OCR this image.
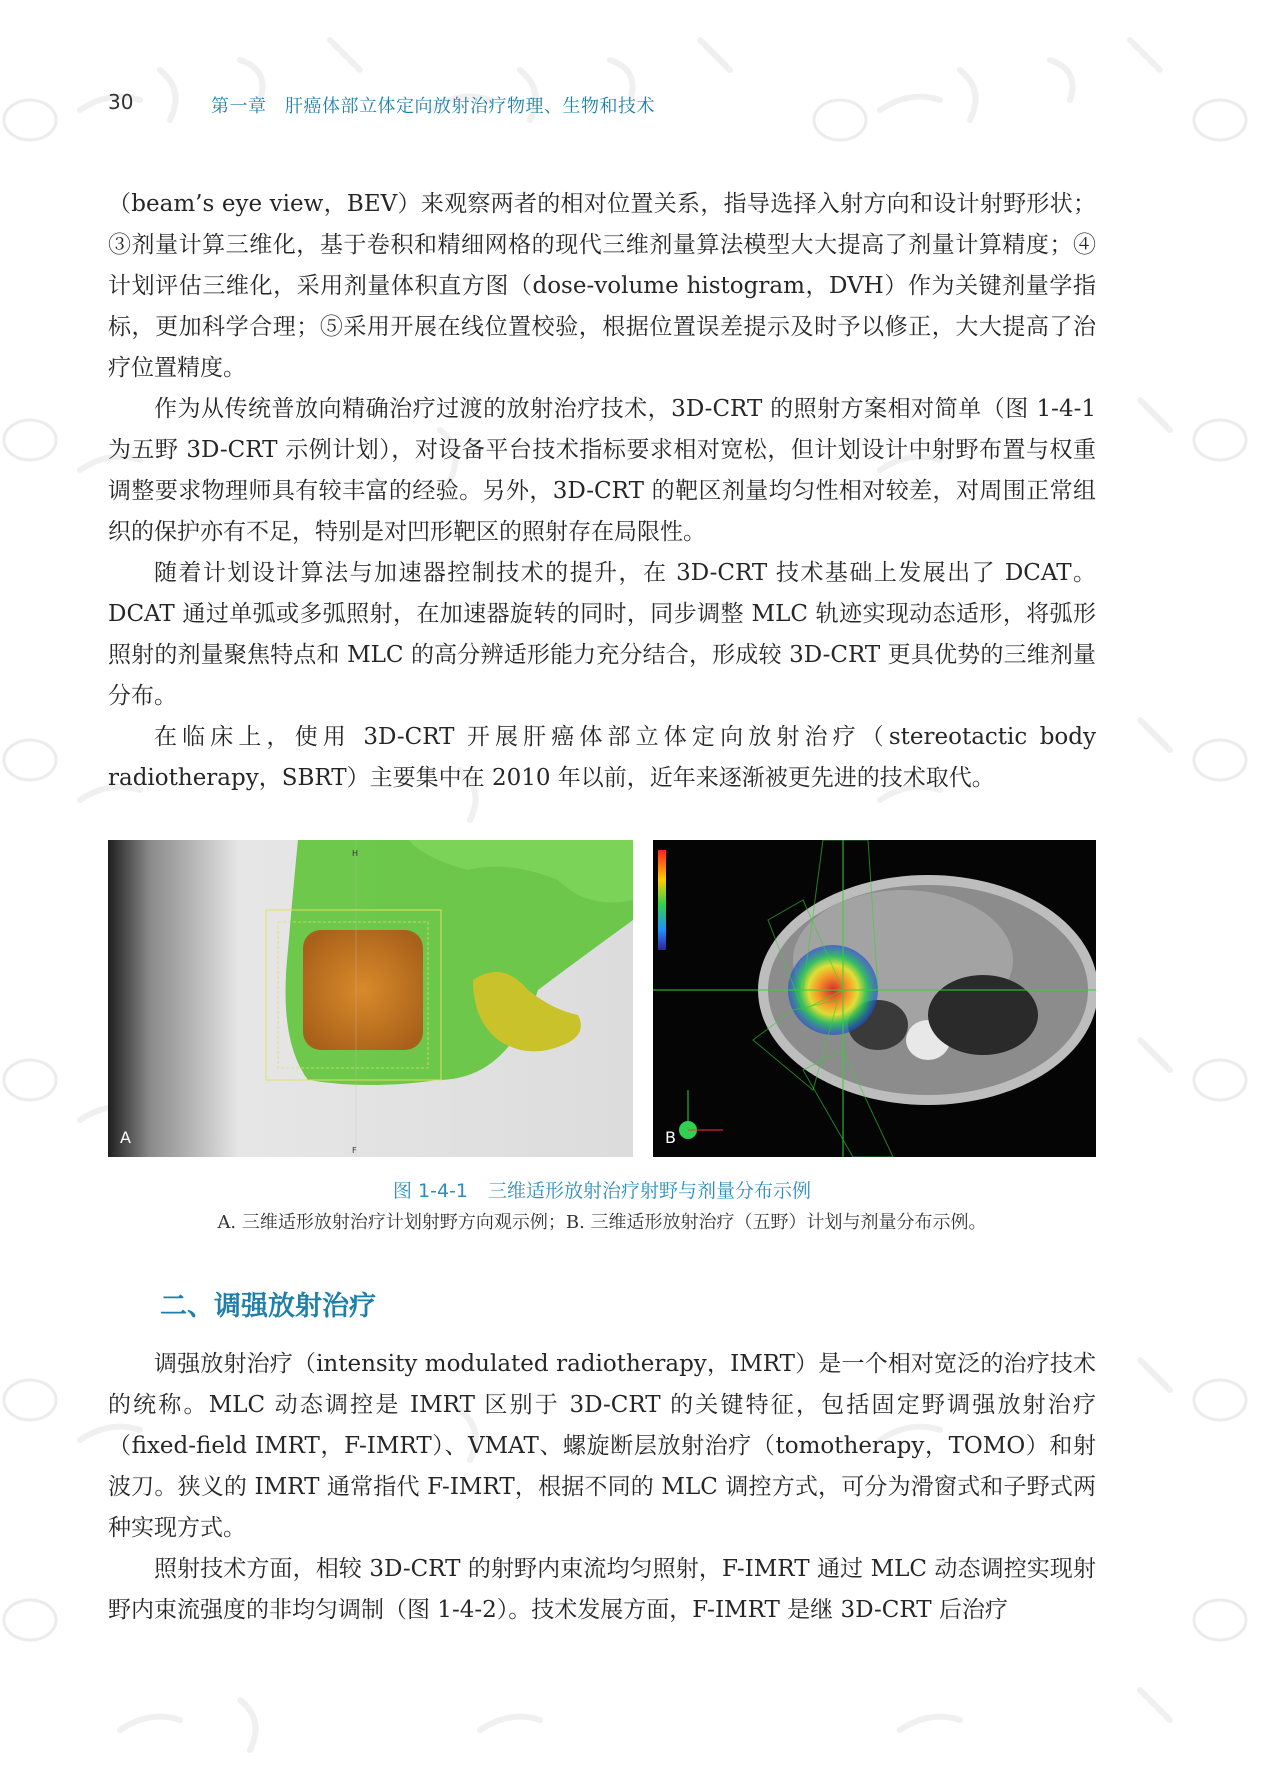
30	第一章　肝癌体部立体定向放射治疗物理、生物和技术

（beam’s eye view，BEV）来观察两者的相对位置关系，指导选择入射方向和设计射野形状；③剂量计算三维化，基于卷积和精细网格的现代三维剂量算法模型大大提高了剂量计算精度；④计划评估三维化，采用剂量体积直方图（dose-volume histogram，DVH）作为关键剂量学指标，更加科学合理；⑤采用开展在线位置校验，根据位置误差提示及时予以修正，大大提高了治疗位置精度。

作为从传统普放向精确治疗过渡的放射治疗技术，3D-CRT 的照射方案相对简单（图 1-4-1 为五野 3D-CRT 示例计划），对设备平台技术指标要求相对宽松，但计划设计中射野布置与权重调整要求物理师具有较丰富的经验。另外，3D-CRT 的靶区剂量均匀性相对较差，对周围正常组织的保护亦有不足，特别是对凹形靶区的照射存在局限性。

随着计划设计算法与加速器控制技术的提升，在 3D-CRT 技术基础上发展出了 DCAT。DCAT 通过单弧或多弧照射，在加速器旋转的同时，同步调整 MLC 轨迹实现动态适形，将弧形照射的剂量聚焦特点和 MLC 的高分辨适形能力充分结合，形成较 3D-CRT 更具优势的三维剂量分布。

在临床上，使用 3D-CRT 开展肝癌体部立体定向放射治疗（stereotactic body radiotherapy，SBRT）主要集中在 2010 年以前，近年来逐渐被更先进的技术取代。

H
F
A	B
图 1-4-1 三维适形放射治疗射野与剂量分布示例
A. 三维适形放射治疗计划射野方向观示例；B. 三维适形放射治疗（五野）计划与剂量分布示例。
二、调强放射治疗

调强放射治疗（intensity modulated radiotherapy，IMRT）是一个相对宽泛的治疗技术的统称。MLC 动态调控是 IMRT 区别于 3D-CRT 的关键特征，包括固定野调强放射治疗（fixed-field IMRT，F-IMRT）、VMAT、螺旋断层放射治疗（tomotherapy，TOMO）和射波刀。狭义的 IMRT 通常指代 F-IMRT，根据不同的 MLC 调控方式，可分为滑窗式和子野式两种实现方式。

照射技术方面，相较 3D-CRT 的射野内束流均匀照射，F-IMRT 通过 MLC 动态调控实现射野内束流强度的非均匀调制（图 1-4-2）。技术发展方面，F-IMRT 是继 3D-CRT 后治疗
